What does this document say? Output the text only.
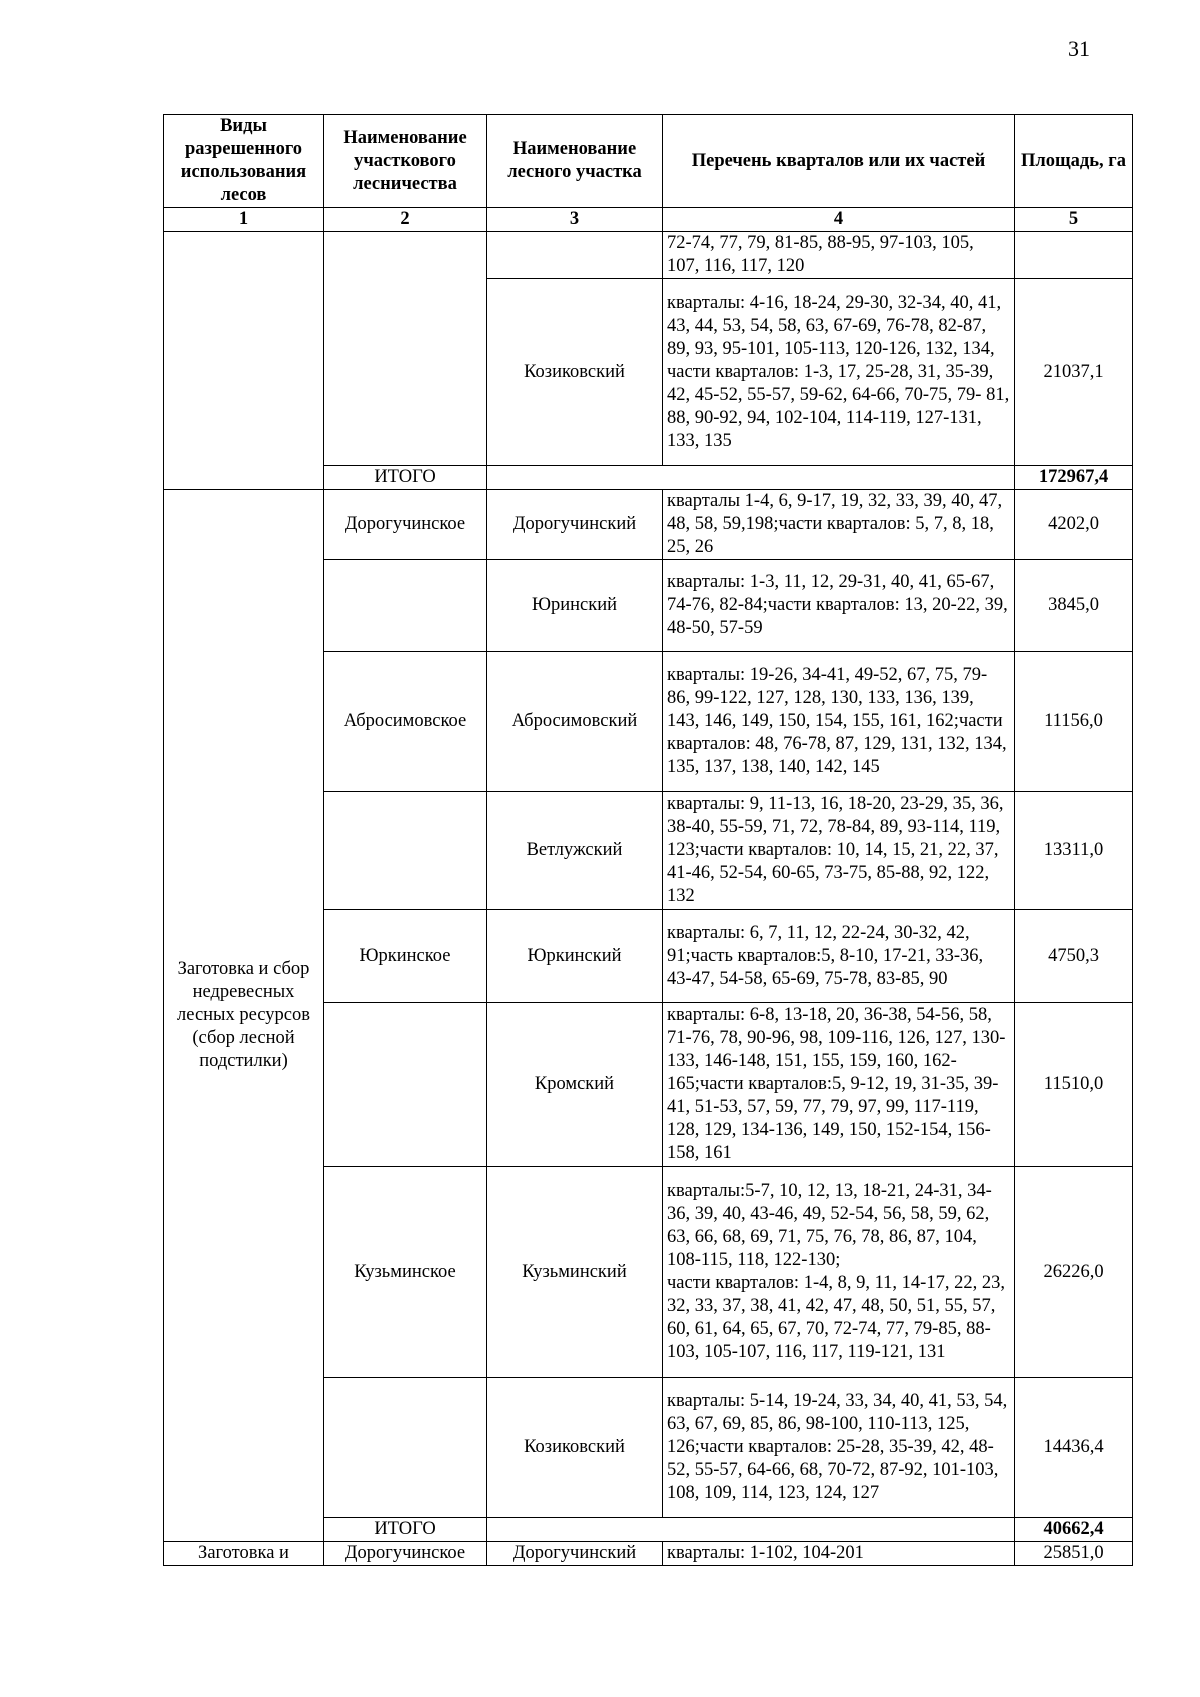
31
Виды разрешенного использования лесов	Наименование участкового лесничества	Наименование лесного участка	Перечень кварталов или их частей	Площадь, га
1	2	3	4	5
			72-74, 77, 79, 81-85, 88-95, 97-103, 105, 107, 116, 117, 120	
		Козиковский	кварталы: 4-16, 18-24, 29-30, 32-34, 40, 41, 43, 44, 53, 54, 58, 63, 67-69, 76-78, 82-87, 89, 93, 95-101, 105-113, 120-126, 132, 134, части кварталов: 1-3, 17, 25-28, 31, 35-39, 42, 45-52, 55-57, 59-62, 64-66, 70-75, 79- 81, 88, 90-92, 94, 102-104, 114-119, 127-131, 133, 135	21037,1
	ИТОГО			172967,4
Заготовка и сбор недревесных лесных ресурсов (сбор лесной подстилки)	Дорогучинское	Дорогучинский	кварталы 1-4, 6, 9-17, 19, 32, 33, 39, 40, 47, 48, 58, 59,198;части кварталов: 5, 7, 8, 18, 25, 26	4202,0
		Юринский	кварталы: 1-3, 11, 12, 29-31, 40, 41, 65-67, 74-76, 82-84;части кварталов: 13, 20-22, 39, 48-50, 57-59	3845,0
	Абросимовское	Абросимовский	кварталы: 19-26, 34-41, 49-52, 67, 75, 79-86, 99-122, 127, 128, 130, 133, 136, 139, 143, 146, 149, 150, 154, 155, 161, 162;части кварталов: 48, 76-78, 87, 129, 131, 132, 134, 135, 137, 138, 140, 142, 145	11156,0
		Ветлужский	кварталы: 9, 11-13, 16, 18-20, 23-29, 35, 36, 38-40, 55-59, 71, 72, 78-84, 89, 93-114, 119, 123;части кварталов: 10, 14, 15, 21, 22, 37, 41-46, 52-54, 60-65, 73-75, 85-88, 92, 122, 132	13311,0
	Юркинское	Юркинский	кварталы: 6, 7, 11, 12, 22-24, 30-32, 42, 91;часть кварталов:5, 8-10, 17-21, 33-36, 43-47, 54-58, 65-69, 75-78, 83-85, 90	4750,3
		Кромский	кварталы: 6-8, 13-18, 20, 36-38, 54-56, 58, 71-76, 78, 90-96, 98, 109-116, 126, 127, 130-133, 146-148, 151, 155, 159, 160, 162-165;части кварталов:5, 9-12, 19, 31-35, 39-41, 51-53, 57, 59, 77, 79, 97, 99, 117-119, 128, 129, 134-136, 149, 150, 152-154, 156-158, 161	11510,0
	Кузьминское	Кузьминский	кварталы:5-7, 10, 12, 13, 18-21, 24-31, 34-36, 39, 40, 43-46, 49, 52-54, 56, 58, 59, 62, 63, 66, 68, 69, 71, 75, 76, 78, 86, 87, 104, 108-115, 118, 122-130;
части кварталов: 1-4, 8, 9, 11, 14-17, 22, 23, 32, 33, 37, 38, 41, 42, 47, 48, 50, 51, 55, 57, 60, 61, 64, 65, 67, 70, 72-74, 77, 79-85, 88-103, 105-107, 116, 117, 119-121, 131	26226,0
		Козиковский	кварталы: 5-14, 19-24, 33, 34, 40, 41, 53, 54, 63, 67, 69, 85, 86, 98-100, 110-113, 125, 126;части кварталов: 25-28, 35-39, 42, 48-52, 55-57, 64-66, 68, 70-72, 87-92, 101-103, 108, 109, 114, 123, 124, 127	14436,4
	ИТОГО			40662,4
Заготовка и	Дорогучинское	Дорогучинский	кварталы: 1-102, 104-201	25851,0
